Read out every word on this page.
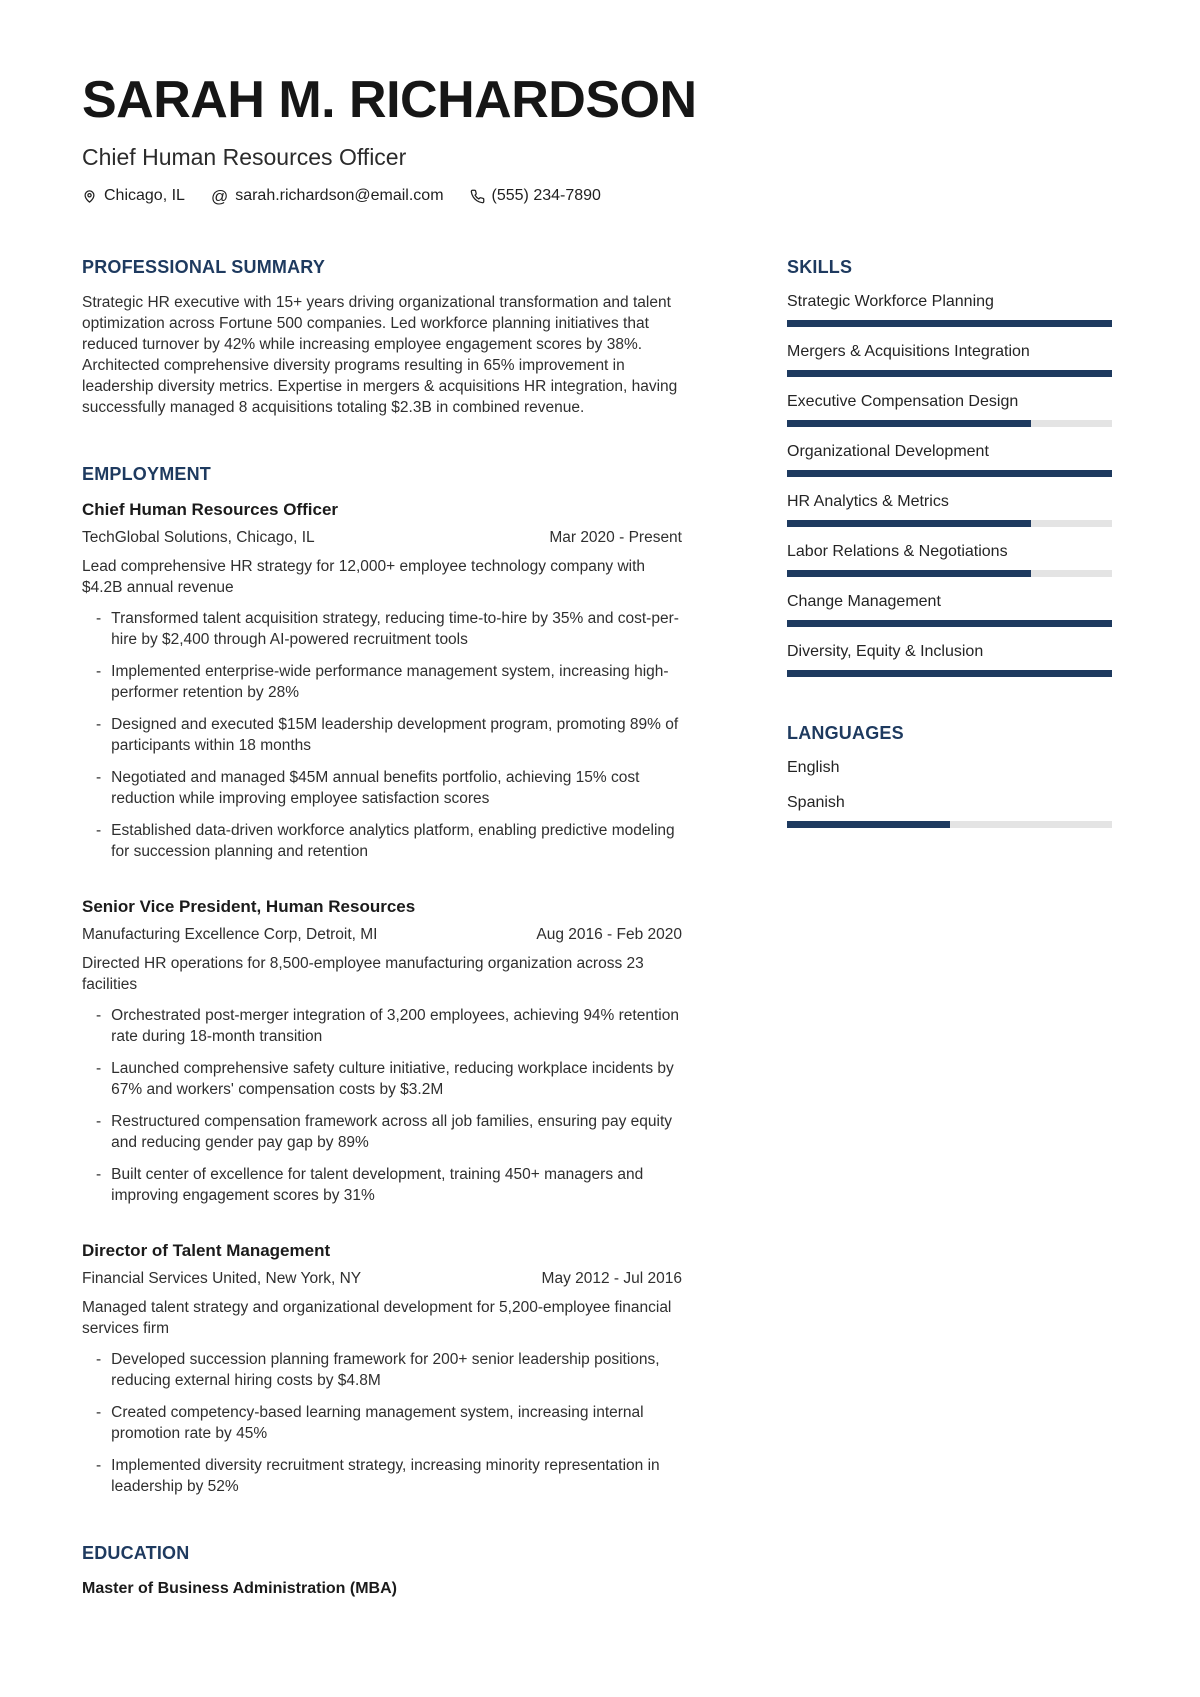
SARAH M. RICHARDSON
Chief Human Resources Officer
Chicago, IL @ sarah.richardson@email.com	(555) 234-7890
PROFESSIONAL SUMMARY

Strategic HR executive with 15+ years driving organizational transformation and talent optimization across Fortune 500 companies. Led workforce planning initiatives that reduced turnover by 42% while increasing employee engagement scores by 38%. Architected comprehensive diversity programs resulting in 65% improvement in leadership diversity metrics. Expertise in mergers & acquisitions HR integration, having successfully managed 8 acquisitions totaling $2.3B in combined revenue.

EMPLOYMENT
Chief Human Resources Officer
TechGlobal Solutions, Chicago, IL	Mar 2020 - Present

Lead comprehensive HR strategy for 12,000+ employee technology company with $4.2B annual revenue

- Transformed talent acquisition strategy, reducing time-to-hire by 35% and cost-per-hire by $2,400 through AI-powered recruitment tools
- Implemented enterprise-wide performance management system, increasing high-performer retention by 28%
- Designed and executed $15M leadership development program, promoting 89% of participants within 18 months
- Negotiated and managed $45M annual benefits portfolio, achieving 15% cost reduction while improving employee satisfaction scores
- Established data-driven workforce analytics platform, enabling predictive modeling for succession planning and retention
Senior Vice President, Human Resources
Manufacturing Excellence Corp, Detroit, MI	Aug 2016 - Feb 2020

Directed HR operations for 8,500-employee manufacturing organization across 23 facilities

- Orchestrated post-merger integration of 3,200 employees, achieving 94% retention rate during 18-month transition
- Launched comprehensive safety culture initiative, reducing workplace incidents by 67% and workers' compensation costs by $3.2M
- Restructured compensation framework across all job families, ensuring pay equity and reducing gender pay gap by 89%
- Built center of excellence for talent development, training 450+ managers and improving engagement scores by 31%
Director of Talent Management
Financial Services United, New York, NY	May 2012 - Jul 2016

Managed talent strategy and organizational development for 5,200-employee financial services firm

- Developed succession planning framework for 200+ senior leadership positions, reducing external hiring costs by $4.8M
- Created competency-based learning management system, increasing internal promotion rate by 45%
- Implemented diversity recruitment strategy, increasing minority representation in leadership by 52%
EDUCATION

Master of Business Administration (MBA)

SKILLS
Strategic Workforce Planning
Mergers & Acquisitions Integration
Executive Compensation Design
Organizational Development
HR Analytics & Metrics
Labor Relations & Negotiations
Change Management
Diversity, Equity & Inclusion
LANGUAGES
English
Spanish
